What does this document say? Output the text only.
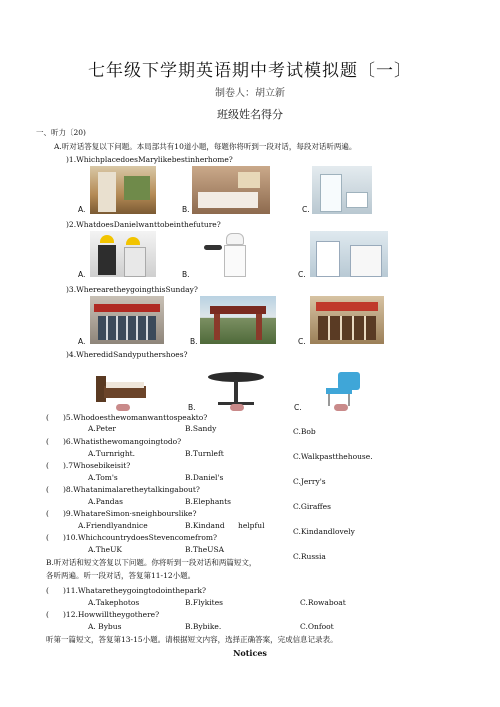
七年级下学期英语期中考试模拟题〔一〕
制卷人：胡立新
班级姓名得分
一、听力〔20)
A.听对话答复以下问题。本局部共有10道小题，每题你将听到一段对话，每段对话听两遍。
)1.WhichplacedoesMarylikebestinherhome?
A.	B.	C.
)2.WhatdoesDanielwanttobeinthefuture?
A.	B.	C.
)3.WherearetheygoingthisSunday?
A.	B.	C.
)4.WheredidSandyputhershoes?
B.	C.
( )5.Whodoesthewomanwanttospeakto?
A.Peter	B.Sandy	C.Bob
( )6.Whatisthewomangoingtodo?
A.Turnright.	B.Turnleft	C.Walkpastthehouse.
( ).7Whosebikeisit?
A.Tom's	B.Daniel's	C.Jerry's
( )8.Whatanimalaretheytalkingabout?
A.Pandas	B.Elephants
C.Giraffes
( )9.WhatareSimon·sneighbourslike?
A.Friendlyandnice	B.Kindand helpful
C.Kindandlovely
( )10.WhichcountrydoesStevencomefrom?
A.TheUK	B.TheUSA
C.Russia
B.听对话和短文答复以下问题。你将听到一段对话和两篇短文，
各听两遍。听一段对话，答复第11-12小题。
( )11.Whataretheygoingtodointhepark?
A.Takephotos	B.Flykites	C.Rowaboat
( )12.Howwilltheygothere?
A. Bybus	B.Bybike.	C.Onfoot
听第一篇短文，答复第13-15小题。请根据短文内容，选择正确答案，完成信息记录表。
Notices
